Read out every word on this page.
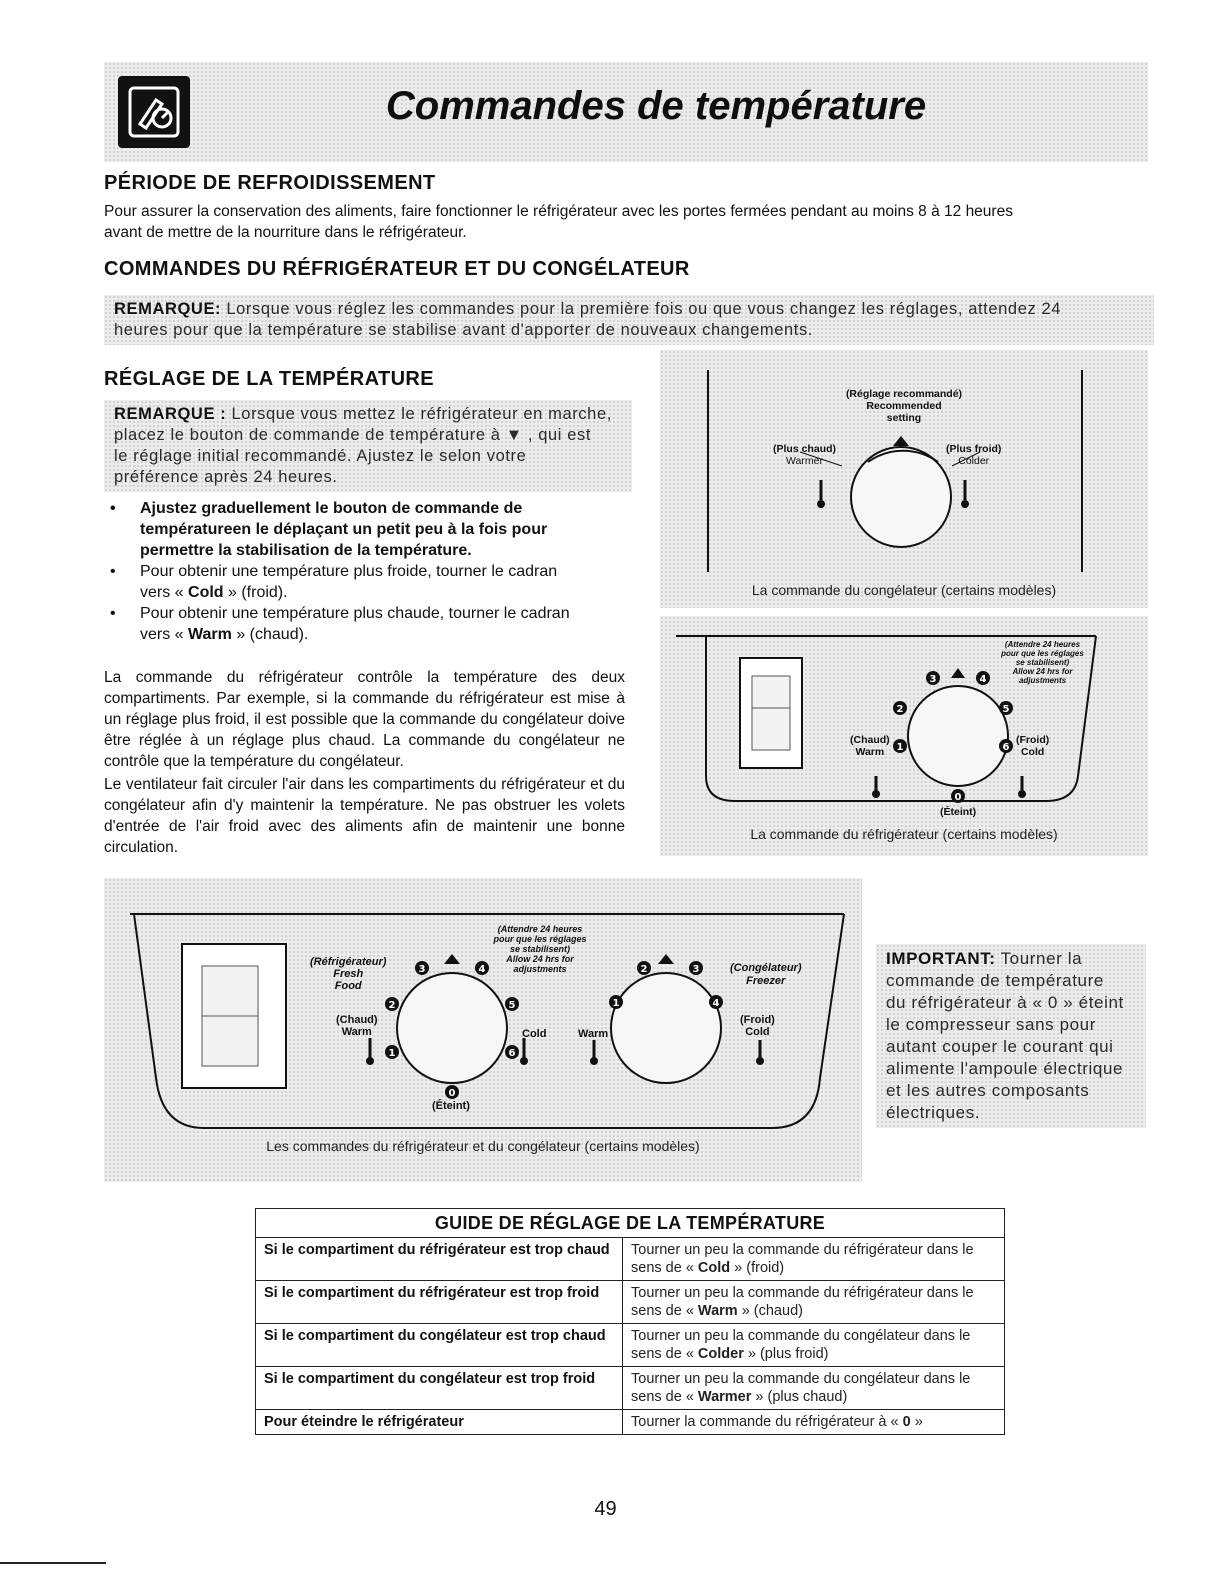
Commandes de température
PÉRIODE DE REFROIDISSEMENT

Pour assurer la conservation des aliments, faire fonctionner le réfrigérateur avec les portes fermées pendant au moins 8 à 12 heures
avant de mettre de la nourriture dans le réfrigérateur.

COMMANDES DU RÉFRIGÉRATEUR ET DU CONGÉLATEUR
REMARQUE: Lorsque vous réglez les commandes pour la première fois ou que vous changez les réglages, attendez 24
heures pour que la température se stabilise avant d'apporter de nouveaux changements.
RÉGLAGE DE LA TEMPÉRATURE
REMARQUE : Lorsque vous mettez le réfrigérateur en marche,
placez le bouton de commande de température à ▼ , qui est
le réglage initial recommandé. Ajustez le selon votre
préférence après 24 heures.
• Ajustez graduellement le bouton de commande de
températureen le déplaçant un petit peu à la fois pour
permettre la stabilisation de la température.
• Pour obtenir une température plus froide, tourner le cadran
vers « Cold » (froid).
• Pour obtenir une température plus chaude, tourner le cadran
vers « Warm » (chaud).

La commande du réfrigérateur contrôle la température des deux compartiments. Par exemple, si la commande du réfrigérateur est mise à un réglage plus froid, il est possible que la commande du congélateur doive être réglée à un réglage plus chaud. La commande du congélateur ne contrôle que la température du congélateur.

Le ventilateur fait circuler l'air dans les compartiments du réfrigérateur et du congélateur afin d'y maintenir la température. Ne pas obstruer les volets d'entrée de l'air froid avec des aliments afin de maintenir une bonne circulation.

(Réglage recommandé)
Recommended
setting
(Plus chaud)
Warmer
(Plus froid)
Colder
La commande du congélateur (certains modèles)
3	4
2	5
1	6
0
(Attendre 24 heures
pour que les réglages
se stabilisent)
Allow 24 hrs for
adjustments
(Chaud)
Warm
(Froid)
Cold
(Éteint)
La commande du réfrigérateur (certains modèles)
3	4
2	5
1	6
0
2	3
1	4
(Attendre 24 heures
pour que les réglages
se stabilisent)
Allow 24 hrs for
adjustments
(Réfrigérateur)
Fresh
Food
(Congélateur)
Freezer
(Chaud)
Warm	Cold	Warm
(Froid)
Cold
(Éteint)
Les commandes du réfrigérateur et du congélateur (certains modèles)
IMPORTANT: Tourner la
commande de température
du réfrigérateur à « 0 » éteint
le compresseur sans pour
autant couper le courant qui
alimente l'ampoule électrique
et les autres composants
électriques.
GUIDE DE RÉGLAGE DE LA TEMPÉRATURE	
Si le compartiment du réfrigérateur est trop chaud	Tourner un peu la commande du réfrigérateur dans le sens de « Cold » (froid)
Si le compartiment du réfrigérateur est trop froid	Tourner un peu la commande du réfrigérateur dans le sens de « Warm » (chaud)
Si le compartiment du congélateur est trop chaud	Tourner un peu la commande du congélateur dans le sens de « Colder » (plus froid)
Si le compartiment du congélateur est trop froid	Tourner un peu la commande du congélateur dans le sens de « Warmer » (plus chaud)
Pour éteindre le réfrigérateur	Tourner la commande du réfrigérateur à « 0 »
49
